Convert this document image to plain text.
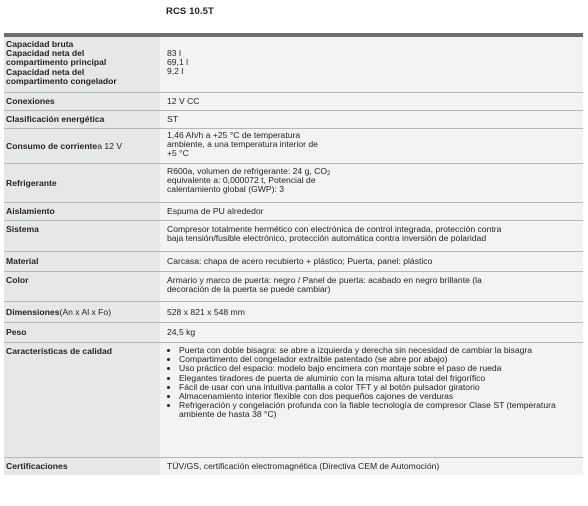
RCS 10.5T
Capacidad bruta
Capacidad neta del
compartimento principal
Capacidad neta del
compartimento congelador
83 l
69,1 l
9,2 l
Conexiones	12 V CC
Clasificación energética	ST
Consumo de corriente a 12 V
1,46 Ah/h a +25 °C de temperatura
ambiente, a una temperatura interior de
+5 °C
Refrigerante
R600a, volumen de refrigerante: 24 g, $CO_2$
equivalente a: 0,000072 t, Potencial de
calentamiento global (GWP): 3
Aislamiento	Espuma de PU alrededor
Sistema	Compresor totalmente hermético con electrónica de control integrada, protección contra
baja tensión/fusible electrónico, protección automática contra inversión de polaridad
Material	Carcasa: chapa de acero recubierto + plástico; Puerta, panel: plástico
Color	Armario y marco de puerta: negro / Panel de puerta: acabado en negro brillante (la
decoración de la puerta se puede cambiar)
Dimensiones (An x Al x Fo)	528 x 821 x 548 mm
Peso	24,5 kg
Características de calidad
•	Puerta con doble bisagra: se abre a izquierda y derecha sin necesidad de cambiar la bisagra
• Compartimento del congelador extraíble patentado (se abre por abajo)
• Uso práctico del espacio: modelo bajo encimera con montaje sobre el paso de rueda
• Elegantes tiradores de puerta de aluminio con la misma altura total del frigorífico
• Fácil de usar con una intuitiva pantalla a color TFT y al botón pulsador giratorio
• Almacenamiento interior flexible con dos pequeños cajones de verduras
• Refrigeración y congelación profunda con la fiable tecnología de compresor Clase ST (temperatura ambiente de hasta 38 °C)
Certificaciones	TÜV/GS, certificación electromagnética (Directiva CEM de Automoción)
